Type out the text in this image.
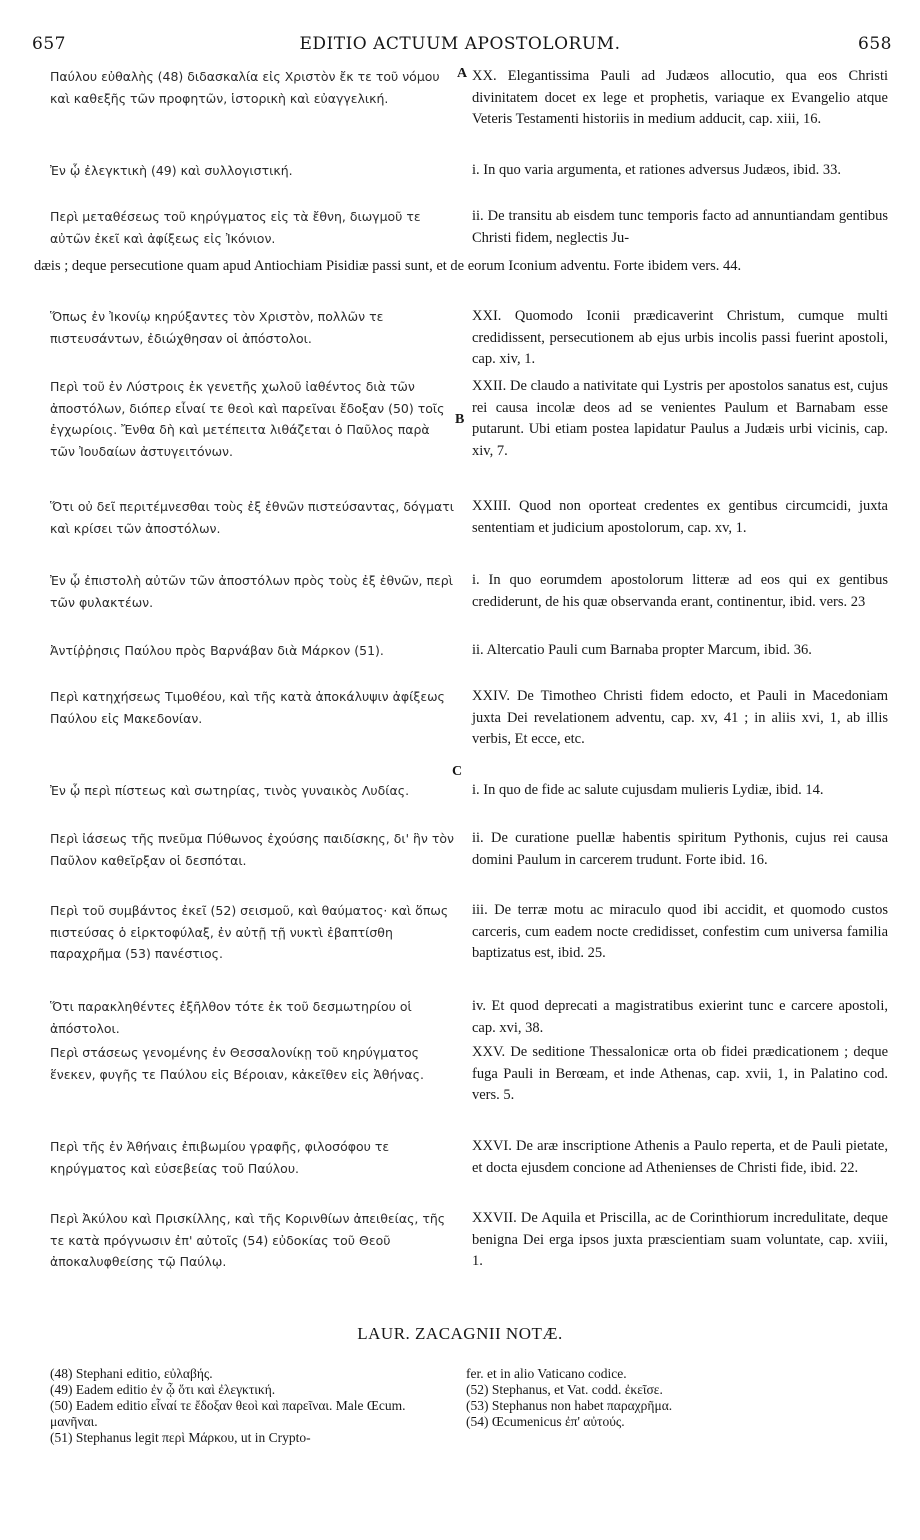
657	EDITIO ACTUUM APOSTOLORUM.	658
A
B
C
Παύλου εὐθαλὴς (48) διδασκαλία εἰς Χριστὸν ἔκ τε τοῦ νόμου καὶ καθεξῆς τῶν προφητῶν, ἱστορικὴ καὶ εὐαγγελική.
Ἐν ᾧ ἐλεγκτικὴ (49) καὶ συλλογιστική.
Περὶ μεταθέσεως τοῦ κηρύγματος εἰς τὰ ἔθνη, διωγμοῦ τε αὐτῶν ἐκεῖ καὶ ἀφίξεως εἰς Ἰκόνιον.
Ὅπως ἐν Ἰκονίῳ κηρύξαντες τὸν Χριστὸν, πολλῶν τε πιστευσάντων, ἐδιώχθησαν οἱ ἀπόστολοι.
Περὶ τοῦ ἐν Λύστροις ἐκ γενετῆς χωλοῦ ἰαθέντος διὰ τῶν ἀποστόλων, διόπερ εἶναί τε θεοὶ καὶ παρεῖναι ἔδοξαν (50) τοῖς ἐγχωρίοις. Ἔνθα δὴ καὶ μετέπειτα λιθάζεται ὁ Παῦλος παρὰ τῶν Ἰουδαίων ἀστυγειτόνων.
Ὅτι οὐ δεῖ περιτέμνεσθαι τοὺς ἐξ ἐθνῶν πιστεύσαντας, δόγματι καὶ κρίσει τῶν ἀποστόλων.
Ἐν ᾧ ἐπιστολὴ αὐτῶν τῶν ἀποστόλων πρὸς τοὺς ἐξ ἐθνῶν, περὶ τῶν φυλακτέων.
Ἀντίῤῥησις Παύλου πρὸς Βαρνάβαν διὰ Μάρκον (51).
Περὶ κατηχήσεως Τιμοθέου, καὶ τῆς κατὰ ἀποκάλυψιν ἀφίξεως Παύλου εἰς Μακεδονίαν.
Ἐν ᾧ περὶ πίστεως καὶ σωτηρίας, τινὸς γυναικὸς Λυδίας.
Περὶ ἰάσεως τῆς πνεῦμα Πύθωνος ἐχούσης παιδίσκης, δι' ἣν τὸν Παῦλον καθεῖρξαν οἱ δεσπόται.
Περὶ τοῦ συμβάντος ἐκεῖ (52) σεισμοῦ, καὶ θαύματος· καὶ ὅπως πιστεύσας ὁ εἱρκτοφύλαξ, ἐν αὐτῇ τῇ νυκτὶ ἐβαπτίσθη παραχρῆμα (53) πανέστιος.
Ὅτι παρακληθέντες ἐξῆλθον τότε ἐκ τοῦ δεσμωτηρίου οἱ ἀπόστολοι.
Περὶ στάσεως γενομένης ἐν Θεσσαλονίκῃ τοῦ κηρύγματος ἕνεκεν, φυγῆς τε Παύλου εἰς Βέροιαν, κἀκεῖθεν εἰς Ἀθήνας.
Περὶ τῆς ἐν Ἀθήναις ἐπιβωμίου γραφῆς, φιλοσόφου τε κηρύγματος καὶ εὐσεβείας τοῦ Παύλου.
Περὶ Ἀκύλου καὶ Πρισκίλλης, καὶ τῆς Κορινθίων ἀπειθείας, τῆς τε κατὰ πρόγνωσιν ἐπ' αὐτοῖς (54) εὐδοκίας τοῦ Θεοῦ ἀποκαλυφθείσης τῷ Παύλῳ.
XX. Elegantissima Pauli ad Judæos allocutio, qua eos Christi divinitatem docet ex lege et prophetis, variaque ex Evangelio atque Veteris Testamenti historiis in medium adducit, cap. xiii, 16.
i. In quo varia argumenta, et rationes adversus Judæos, ibid. 33.
ii. De transitu ab eisdem tunc temporis facto ad annuntiandam gentibus Christi fidem, neglectis Ju-
dæis ; deque persecutione quam apud Antiochiam Pisidiæ passi sunt, et de eorum Iconium adventu. Forte ibidem vers. 44.
XXI. Quomodo Iconii prædicaverint Christum, cumque multi credidissent, persecutionem ab ejus urbis incolis passi fuerint apostoli, cap. xiv, 1.
XXII. De claudo a nativitate qui Lystris per apostolos sanatus est, cujus rei causa incolæ deos ad se venientes Paulum et Barnabam esse putarunt. Ubi etiam postea lapidatur Paulus a Judæis urbi vicinis, cap. xiv, 7.
XXIII. Quod non oporteat credentes ex gentibus circumcidi, juxta sententiam et judicium apostolorum, cap. xv, 1.
i. In quo eorumdem apostolorum litteræ ad eos qui ex gentibus crediderunt, de his quæ observanda erant, continentur, ibid. vers. 23
ii. Altercatio Pauli cum Barnaba propter Marcum, ibid. 36.
XXIV. De Timotheo Christi fidem edocto, et Pauli in Macedoniam juxta Dei revelationem adventu, cap. xv, 41 ; in aliis xvi, 1, ab illis verbis, Et ecce, etc.
i. In quo de fide ac salute cujusdam mulieris Lydiæ, ibid. 14.
ii. De curatione puellæ habentis spiritum Pythonis, cujus rei causa domini Paulum in carcerem trudunt. Forte ibid. 16.
iii. De terræ motu ac miraculo quod ibi accidit, et quomodo custos carceris, cum eadem nocte credidisset, confestim cum universa familia baptizatus est, ibid. 25.
iv. Et quod deprecati a magistratibus exierint tunc e carcere apostoli, cap. xvi, 38.
XXV. De seditione Thessalonicæ orta ob fidei prædicationem ; deque fuga Pauli in Berœam, et inde Athenas, cap. xvii, 1, in Palatino cod. vers. 5.
XXVI. De aræ inscriptione Athenis a Paulo reperta, et de Pauli pietate, et docta ejusdem concione ad Athenienses de Christi fide, ibid. 22.
XXVII. De Aquila et Priscilla, ac de Corinthiorum incredulitate, deque benigna Dei erga ipsos juxta præscientiam suam voluntate, cap. xviii, 1.
LAUR. ZACAGNII NOTÆ.
(48) Stephani editio, εὐλαβής.
(49) Eadem editio ἐν ᾧ ὅτι καὶ ἐλεγκτική.
(50) Eadem editio εἶναί τε ἔδοξαν θεοὶ καὶ παρεῖναι. Male Œcum. μανῆναι.
(51) Stephanus legit περὶ Μάρκου, ut in Crypto-
fer. et in alio Vaticano codice.
(52) Stephanus, et Vat. codd. ἐκεῖσε.
(53) Stephanus non habet παραχρῆμα.
(54) Œcumenicus ἐπ' αὐτούς.
